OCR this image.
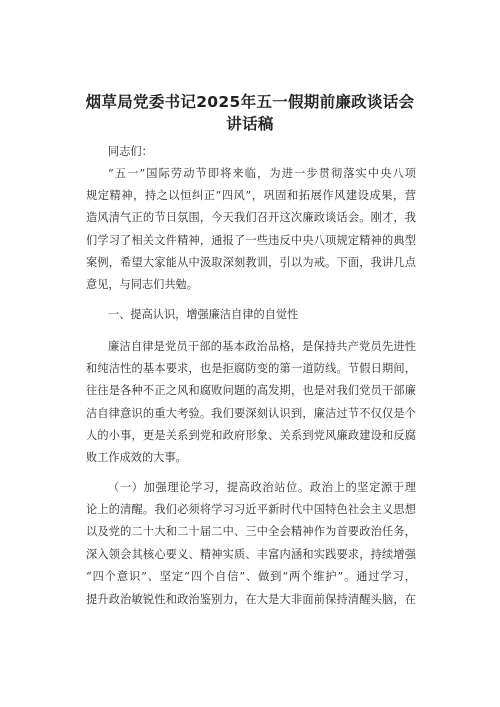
烟草局党委书记2025年五一假期前廉政谈话会
讲话稿
同志们：
“五一”国际劳动节即将来临，为进一步贯彻落实中央八项
规定精神，持之以恒纠正“四风”，巩固和拓展作风建设成果，营
造风清气正的节日氛围，今天我们召开这次廉政谈话会。刚才，我
们学习了相关文件精神，通报了一些违反中央八项规定精神的典型
案例，希望大家能从中汲取深刻教训，引以为戒。下面，我讲几点
意见，与同志们共勉。
一、提高认识，增强廉洁自律的自觉性
廉洁自律是党员干部的基本政治品格，是保持共产党员先进性
和纯洁性的基本要求，也是拒腐防变的第一道防线。节假日期间，
往往是各种不正之风和腐败问题的高发期，也是对我们党员干部廉
洁自律意识的重大考验。我们要深刻认识到，廉洁过节不仅仅是个
人的小事，更是关系到党和政府形象、关系到党风廉政建设和反腐
败工作成效的大事。
（一）加强理论学习，提高政治站位。政治上的坚定源于理
论上的清醒。我们必须将学习习近平新时代中国特色社会主义思想
以及党的二十大和二十届二中、三中全会精神作为首要政治任务，
深入领会其核心要义、精神实质、丰富内涵和实践要求，持续增强
“四个意识”、坚定“四个自信”、做到“两个维护”。通过学习，
提升政治敏锐性和政治鉴别力，在大是大非面前保持清醒头脑，在
